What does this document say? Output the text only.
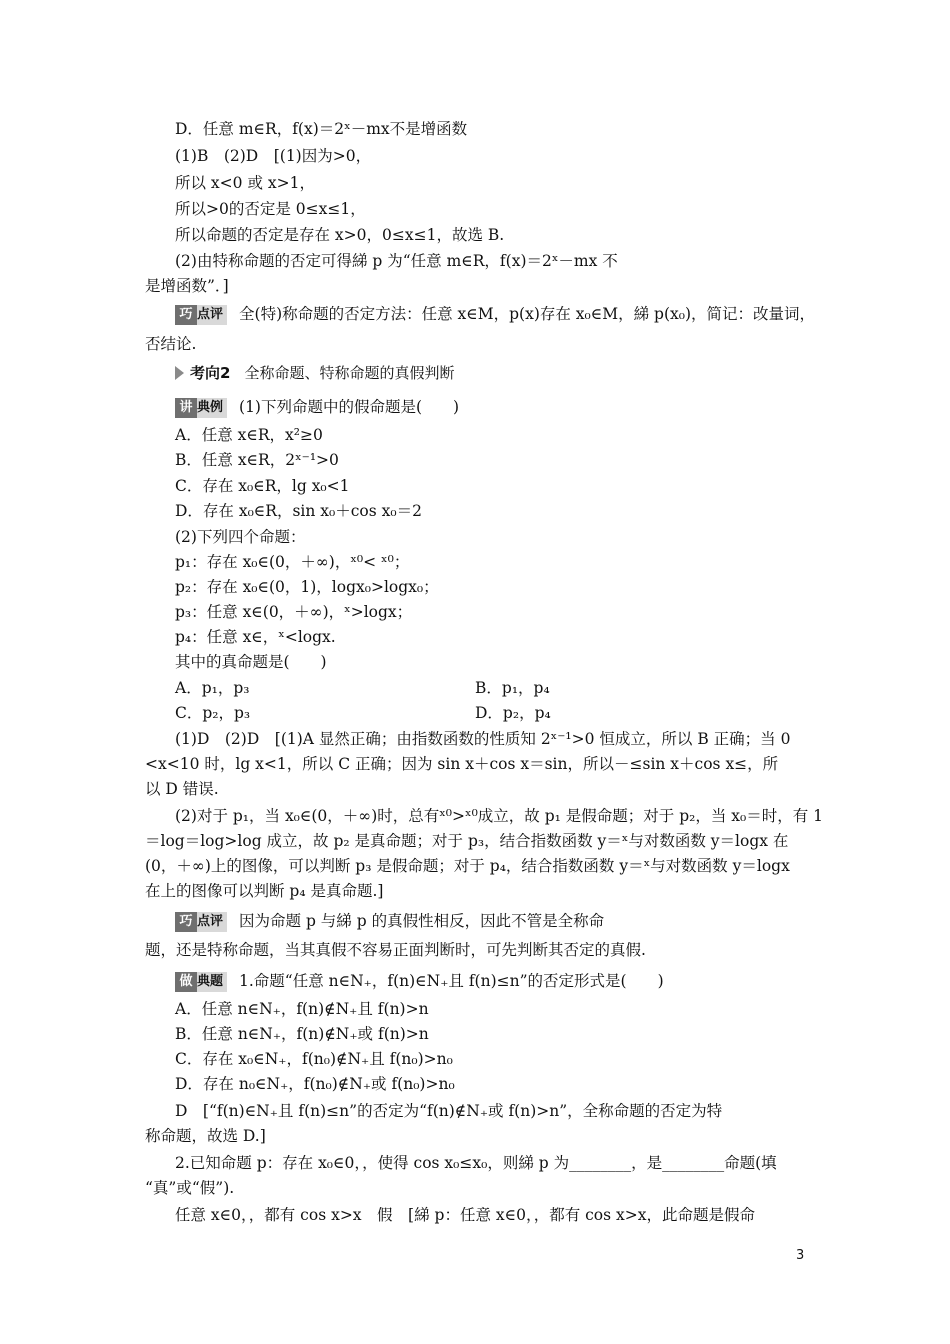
D．任意 m∈R，f(x)＝2ˣ－mx不是增函数
(1)B　(2)D　[(1)因为>0，
所以 x<0 或 x>1，
所以>0的否定是 0≤x≤1，
所以命题的否定是存在 x>0，0≤x≤1，故选 B.
(2)由特称命题的否定可得綈 p 为“任意 m∈R，f(x)＝2ˣ－mx 不
是增函数”．]
巧 点评 全(特)称命题的否定方法：任意 x∈M，p(x)存在 x₀∈M，綈 p(x₀)，简记：改量词，
否结论.
考向2 全称命题、特称命题的真假判断
讲 典例 (1)下列命题中的假命题是(　　)
A．任意 x∈R，x²≥0
B．任意 x∈R，2ˣ⁻¹>0
C．存在 x₀∈R，lg x₀<1
D．存在 x₀∈R，sin x₀＋cos x₀＝2
(2)下列四个命题：
p₁：存在 x₀∈(0，＋∞)，ˣ⁰< ˣ⁰；
p₂：存在 x₀∈(0，1)，logx₀>logx₀；
p₃：任意 x∈(0，＋∞)，ˣ>logx；
p₄：任意 x∈，ˣ<logx.
其中的真命题是(　　)
A．p₁，p₃	B．p₁，p₄
C．p₂，p₃	D．p₂，p₄
(1)D　(2)D　[(1)A 显然正确；由指数函数的性质知 2ˣ⁻¹>0 恒成立，所以 B 正确；当 0
<x<10 时，lg x<1，所以 C 正确；因为 sin x＋cos x＝sin，所以－≤sin x＋cos x≤，所
以 D 错误.
(2)对于 p₁，当 x₀∈(0，＋∞)时，总有ˣ⁰>ˣ⁰成立，故 p₁ 是假命题；对于 p₂，当 x₀＝时，有 1
＝log＝log>log 成立，故 p₂ 是真命题；对于 p₃，结合指数函数 y＝ˣ与对数函数 y＝logx 在
(0，＋∞)上的图像，可以判断 p₃ 是假命题；对于 p₄，结合指数函数 y＝ˣ与对数函数 y＝logx
在上的图像可以判断 p₄ 是真命题.]
巧 点评 因为命题 p 与綈 p 的真假性相反，因此不管是全称命
题，还是特称命题，当其真假不容易正面判断时，可先判断其否定的真假.
做 典题 1.命题“任意 n∈N₊，f(n)∈N₊且 f(n)≤n”的否定形式是(　　)
A．任意 n∈N₊，f(n)∉N₊且 f(n)>n
B．任意 n∈N₊，f(n)∉N₊或 f(n)>n
C．存在 x₀∈N₊，f(n₀)∉N₊且 f(n₀)>n₀
D．存在 n₀∈N₊，f(n₀)∉N₊或 f(n₀)>n₀
D　[“f(n)∈N₊且 f(n)≤n”的否定为“f(n)∉N₊或 f(n)>n”，全称命题的否定为特
称命题，故选 D.]
2.已知命题 p：存在 x₀∈0，，使得 cos x₀≤x₀，则綈 p 为________，是________命题(填
“真”或“假”).
任意 x∈0，，都有 cos x>x　假　[綈 p：任意 x∈0，，都有 cos x>x，此命题是假命
3
